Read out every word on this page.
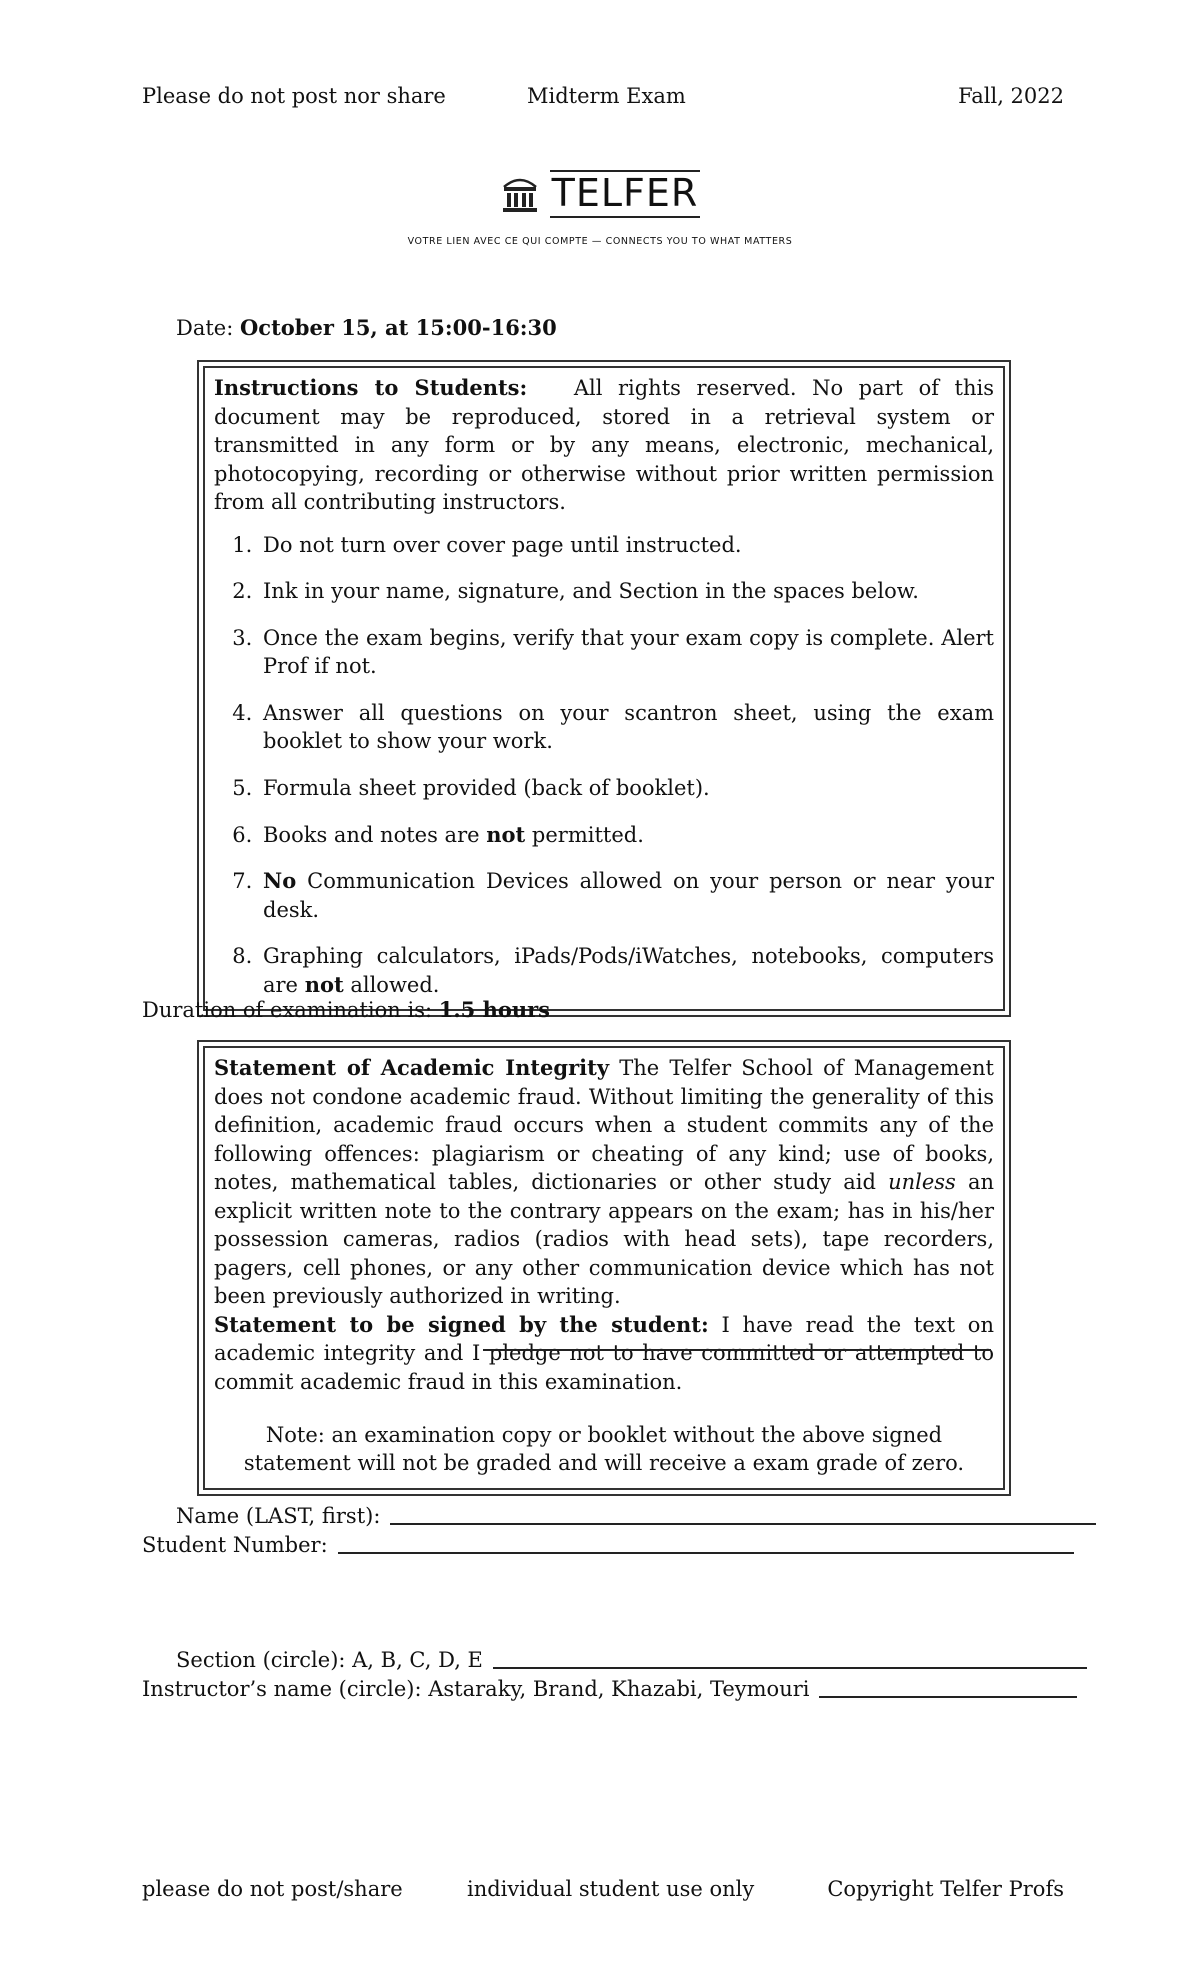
Please do not post nor share	Midterm Exam	Fall, 2022
TELFER
VOTRE LIEN AVEC CE QUI COMPTE — CONNECTS YOU TO WHAT MATTERS
Date: October 15, at 15:00-16:30
Instructions to Students: All rights reserved. No part of this document may be reproduced, stored in a retrieval system or transmitted in any form or by any means, electronic, mechanical, photocopying, recording or otherwise without prior written permission from all contributing instructors.
1. Do not turn over cover page until instructed.
2. Ink in your name, signature, and Section in the spaces below.
3. Once the exam begins, verify that your exam copy is complete. Alert Prof if not.
4. Answer all questions on your scantron sheet, using the exam booklet to show your work.
5. Formula sheet provided (back of booklet).
6. Books and notes are not permitted.
7. No Communication Devices allowed on your person or near your desk.
8. Graphing calculators, iPads/Pods/iWatches, notebooks, computers are not allowed.
Duration of examination is: 1.5 hours
Statement of Academic Integrity The Telfer School of Management does not condone academic fraud. Without limiting the generality of this definition, academic fraud occurs when a student commits any of the following offences: plagiarism or cheating of any kind; use of books, notes, mathematical tables, dictionaries or other study aid unless an explicit written note to the contrary appears on the exam; has in his/her possession cameras, radios (radios with head sets), tape recorders, pagers, cell phones, or any other communication device which has not been previously authorized in writing.
Statement to be signed by the student: I have read the text on academic integrity and I pledge not to have committed or attempted to commit academic fraud in this examination.
Note: an examination copy or booklet without the above signed statement will not be graded and will receive a exam grade of zero.
Name (LAST, first):
Student Number:
Section (circle): A, B, C, D, E
Instructor’s name (circle): Astaraky, Brand, Khazabi, Teymouri
please do not post/share	individual student use only	Copyright Telfer Profs
